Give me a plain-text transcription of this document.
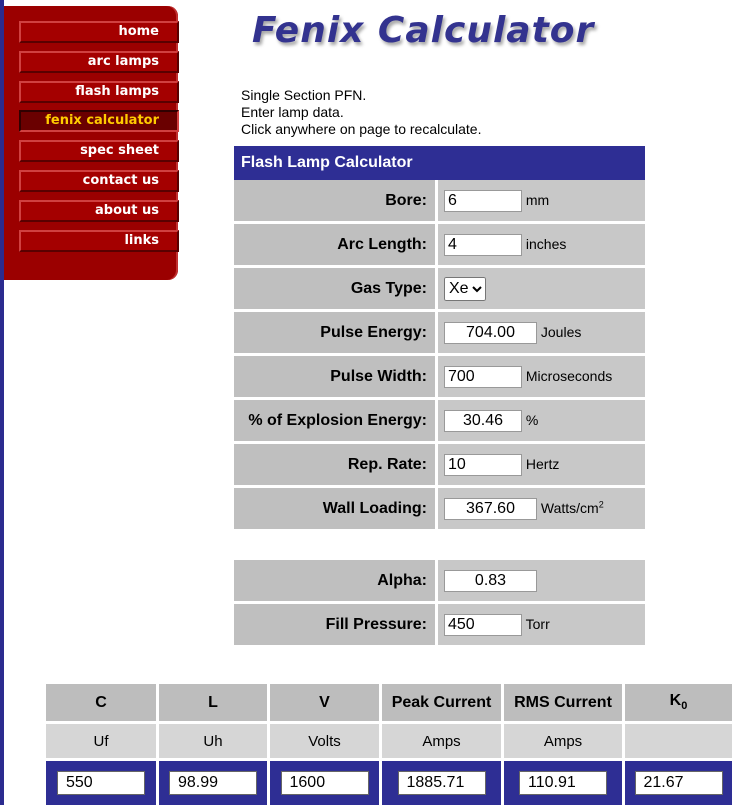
home
arc lamps
flash lamps
fenix calculator
spec sheet
contact us
about us
links
Fenix Calculator
Single Section PFN.
Enter lamp data.
Click anywhere on page to recalculate.
Flash Lamp Calculator	
Bore:	6mm
Arc Length:	4inches
Gas Type:	
Xe
Pulse Energy:	704.00Joules
Pulse Width:	700Microseconds
% of Explosion Energy:	30.46%
Rep. Rate:	10Hertz
Wall Loading:	$367.60Watts/cm^2$
Alpha:	0.83
Fill Pressure:	450Torr
C	L	V	Peak Current	RMS Current	$K_0$
Uf	Uh	Volts	Amps	Amps	
550	98.99	1600	1885.71	110.91	21.67
